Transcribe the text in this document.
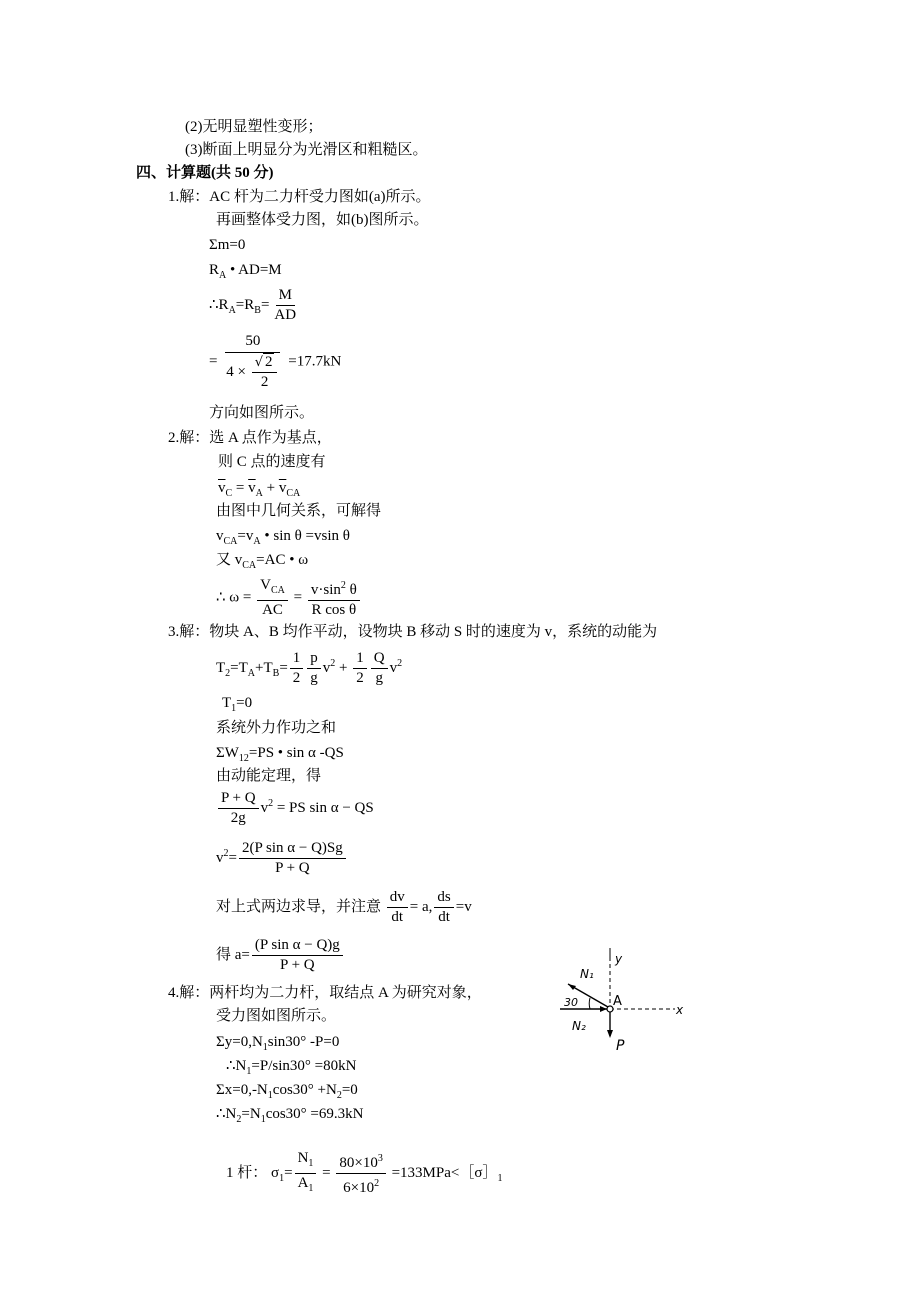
(2)无明显塑性变形；
(3)断面上明显分为光滑区和粗糙区。
四、计算题(共 50 分)
1.解：AC 杆为二力杆受力图如(a)所示。
再画整体受力图，如(b)图所示。
Σm=0
$R_A$ • AD=M
$\therefore R_A=R_B= \frac{M}{AD}$
= $\frac{50}{4 \times \frac{√ 2}{2}} =17.7kN$
方向如图所示。
2.解：选 A 点作为基点，
则 C 点的速度有
$\overline{v}_C = \overline{v}_A + \overline{v}_{CA}$
由图中几何关系，可解得
$v_{CA}=v_A$ • sin θ =vsin θ
又 $v_{CA}=AC$ • ω
∴ $\omega = \frac{V_{CA}}{AC} = \frac{v\cdot\sin^2 \theta}{\text{R cos θ}}$
3.解：物块 A、B 均作平动，设物块 B 移动 S 时的速度为 v，系统的动能为
$T_2=T_A+T_B= \frac{1}{2} \frac{p}{g} v^2 + \frac{1}{2} \frac{Q}{g} v^2$
$T_1=0$
系统外力作功之和
$\Sigma W_{12}=PS$ • sin α -QS
由动能定理，得
$\frac{P + Q}{2g} v^2$ = PS sin α − QS
$v^2= \frac{\text{2(P sin α − Q)Sg}}{P + Q}$
对上式两边求导，并注意 $\frac{dv}{dt} = a$, $\frac{ds}{dt} =v$
得 $a= \frac{\text{(P sin α − Q)g}}{P + Q}$
4.解：两杆均为二力杆，取结点 A 为研究对象，
受力图如图所示。
$\Sigma y=0,N_1\sin 30^\circ$ -P=0
$\therefore N_1=P/\sin 30^\circ =80kN$
$\Sigma x=0,-N_1\cos 30^\circ +N_2=0$
$\therefore N_2=N_1\cos 30^\circ =69.3kN$
1 杆： $\sigma_1= \frac{N_1}{A_1} = \frac{80\times 10^3}{6\times 10^2}$ $=133MPa<[\sigma]_1$
N₁
30	A
N₂
x
y
P
